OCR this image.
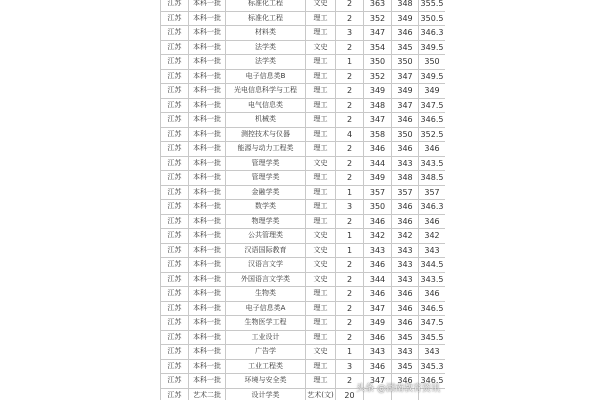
江苏	本科一批	标准化工程	文史	2	363	348	355.5
江苏	本科一批	标准化工程	理工	2	352	349	350.5
江苏	本科一批	材料类	理工	3	347	346	346.3
江苏	本科一批	法学类	文史	2	354	345	349.5
江苏	本科一批	法学类	理工	1	350	350	350
江苏	本科一批	电子信息类B	理工	2	352	347	349.5
江苏	本科一批	光电信息科学与工程	理工	2	349	349	349
江苏	本科一批	电气信息类	理工	2	348	347	347.5
江苏	本科一批	机械类	理工	2	347	346	346.5
江苏	本科一批	测控技术与仪器	理工	4	358	350	352.5
江苏	本科一批	能源与动力工程类	理工	2	346	346	346
江苏	本科一批	管理学类	文史	2	344	343	343.5
江苏	本科一批	管理学类	理工	2	349	348	348.5
江苏	本科一批	金融学类	理工	1	357	357	357
江苏	本科一批	数学类	理工	3	350	346	346.3
江苏	本科一批	物理学类	理工	2	346	346	346
江苏	本科一批	公共管理类	文史	1	342	342	342
江苏	本科一批	汉语国际教育	文史	1	343	343	343
江苏	本科一批	汉语言文学	文史	2	346	343	344.5
江苏	本科一批	外国语言文学类	文史	2	344	343	343.5
江苏	本科一批	生物类	理工	2	346	346	346
江苏	本科一批	电子信息类A	理工	2	347	346	346.5
江苏	本科一批	生物医学工程	理工	2	349	346	347.5
江苏	本科一批	工业设计	理工	2	346	345	345.5
江苏	本科一批	广告学	文史	1	343	343	343
江苏	本科一批	工业工程类	理工	3	346	345	345.3
江苏	本科一批	环境与安全类	理工	2	347	346	346.5
江苏	艺术二批	设计学类	艺术(文)	20			
头条 @湖南教育资讯
